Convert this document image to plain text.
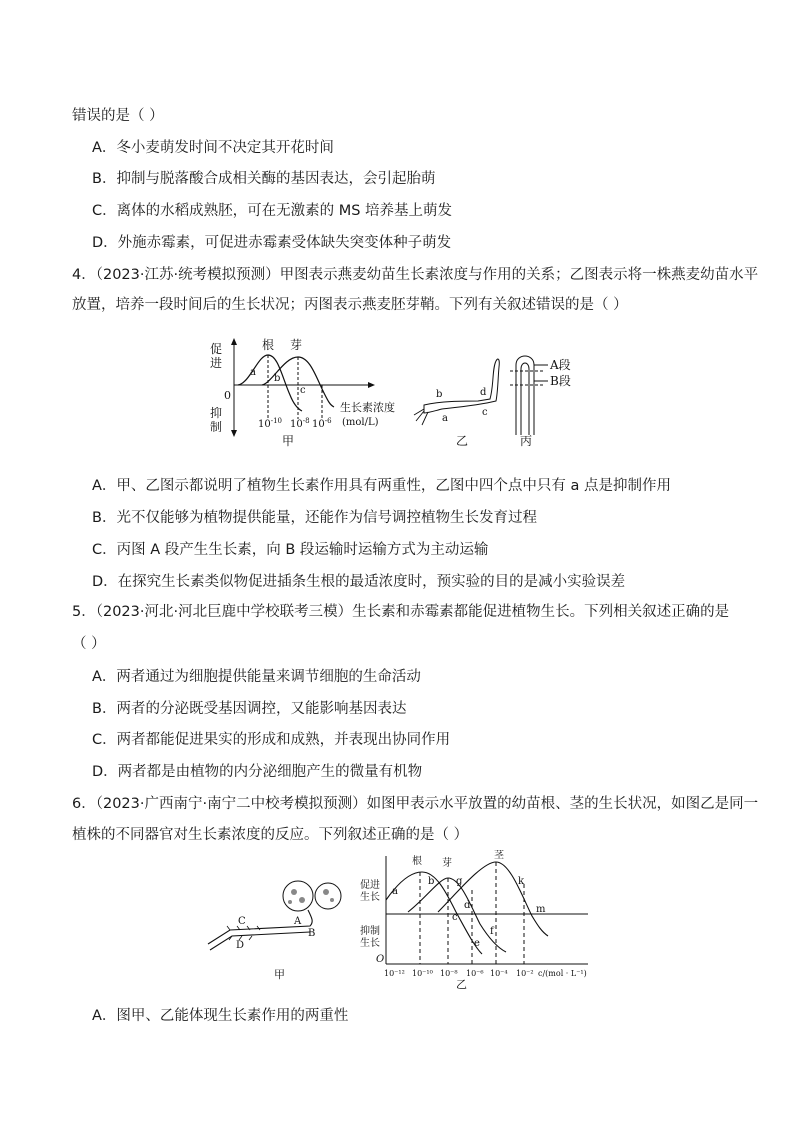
错误的是（ ）
A．冬小麦萌发时间不决定其开花时间
B．抑制与脱落酸合成相关酶的基因表达，会引起胎萌
C．离体的水稻成熟胚，可在无激素的 MS 培养基上萌发
D．外施赤霉素，可促进赤霉素受体缺失突变体种子萌发
4．（2023·江苏·统考模拟预测）甲图表示燕麦幼苗生长素浓度与作用的关系；乙图表示将一株燕麦幼苗水平
放置，培养一段时间后的生长状况；丙图表示燕麦胚芽鞘。下列有关叙述错误的是（ ）
促
进
0
抑
制
根 芽
a
b
c
生长素浓度
$10^{-10}$ $10^{-8}$ $10^{-6}$ (mol/L)
甲
b
a
d
c
乙
A段
B段
丙
A．甲、乙图示都说明了植物生长素作用具有两重性，乙图中四个点中只有 a 点是抑制作用
B．光不仅能够为植物提供能量，还能作为信号调控植物生长发育过程
C．丙图 A 段产生生长素，向 B 段运输时运输方式为主动运输
D．在探究生长素类似物促进插条生根的最适浓度时，预实验的目的是减小实验误差
5．（2023·河北·河北巨鹿中学校联考三模）生长素和赤霉素都能促进植物生长。下列相关叙述正确的是
（ ）
A．两者通过为细胞提供能量来调节细胞的生命活动
B．两者的分泌既受基因调控，又能影响基因表达
C．两者都能促进果实的形成和成熟，并表现出协同作用
D．两者都是由植物的内分泌细胞产生的微量有机物
6．（2023·广西南宁·南宁二中校考模拟预测）如图甲表示水平放置的幼苗根、茎的生长状况，如图乙是同一
植株的不同器官对生长素浓度的反应。下列叙述正确的是（ ）
C
D
A
B
甲
促进
生长
抑制
生长
O
根 芽
茎
a
b
c
d
e
f
g	k
m
10⁻¹² 10⁻¹⁰ 10⁻⁸ 10⁻⁶ 10⁻⁴ 10⁻² c/(mol · L⁻¹)
乙
A．图甲、乙能体现生长素作用的两重性
